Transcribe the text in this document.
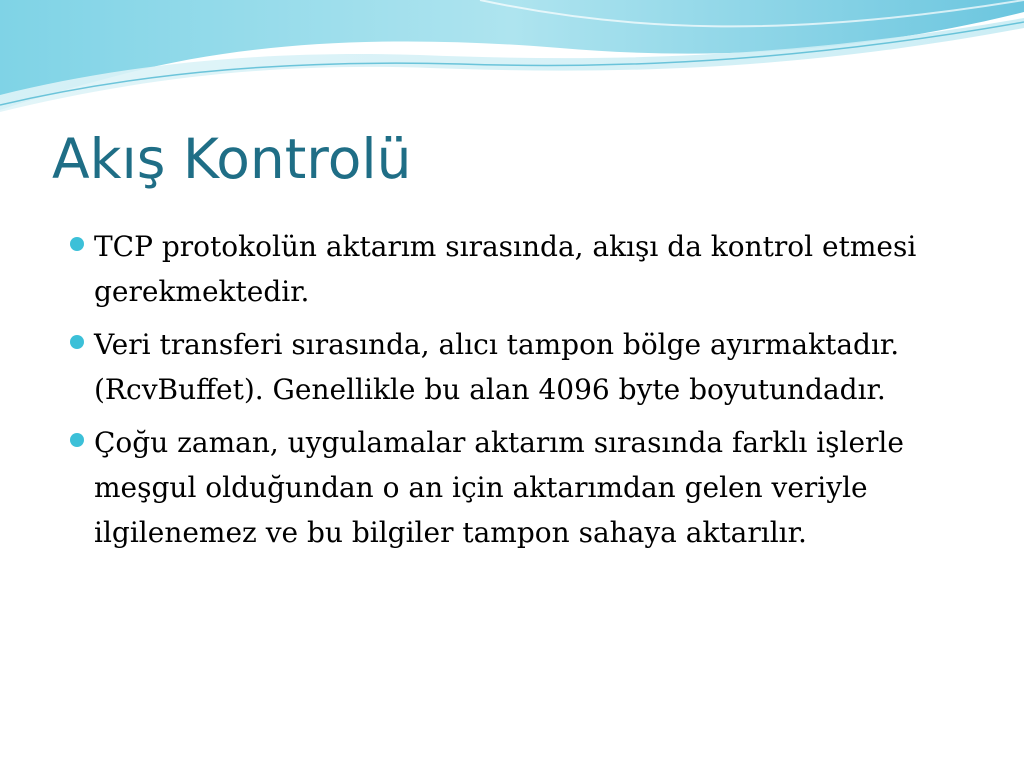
Akış Kontrolü
TCP protokolün aktarım sırasında, akışı da kontrol etmesi gerekmektedir.
Veri transferi sırasında, alıcı tampon bölge ayırmaktadır. (RcvBuffet). Genellikle bu alan 4096 byte boyutundadır.
Çoğu zaman, uygulamalar aktarım sırasında farklı işlerle meşgul olduğundan o an için aktarımdan gelen veriyle ilgilenemez ve bu bilgiler tampon sahaya aktarılır.
